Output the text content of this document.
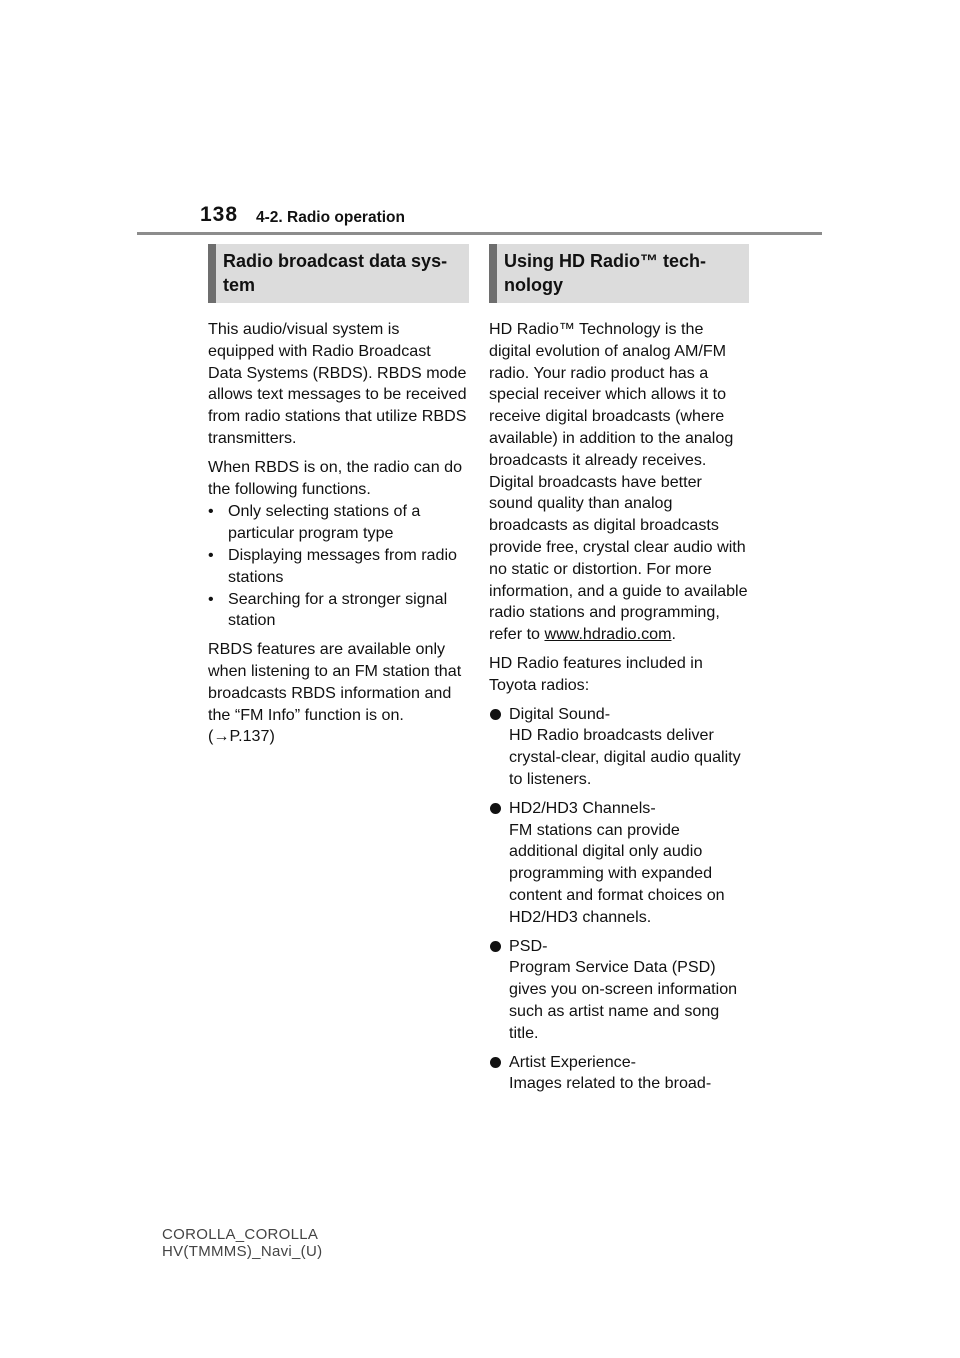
138 4-2. Radio operation
Radio broadcast data sys-
tem

This audio/visual system is equipped with Radio Broadcast Data Systems (RBDS). RBDS mode allows text messages to be received from radio stations that utilize RBDS transmitters.

When RBDS is on, the radio can do the following functions.

• Only selecting stations of a particular program type
• Displaying messages from radio stations
• Searching for a stronger signal station

RBDS features are available only when listening to an FM station that broadcasts RBDS information and the “FM Info” function is on. (→P.137)

Using HD Radio™ tech-
nology

HD Radio™ Technology is the digital evolution of analog AM/FM radio. Your radio product has a special receiver which allows it to receive digital broadcasts (where available) in addition to the analog broadcasts it already receives. Digital broadcasts have better sound quality than analog broadcasts as digital broadcasts provide free, crystal clear audio with no static or distortion. For more information, and a guide to available radio stations and programming, refer to www.hdradio.com.

HD Radio features included in Toyota radios:

Digital Sound-
HD Radio broadcasts deliver crystal-clear, digital audio quality to listeners.
HD2/HD3 Channels-
FM stations can provide additional digital only audio programming with expanded content and format choices on HD2/HD3 channels.
PSD-
Program Service Data (PSD) gives you on-screen information such as artist name and song title.
Artist Experience-
Images related to the broad-
COROLLA_COROLLA
HV(TMMMS)_Navi_(U)
